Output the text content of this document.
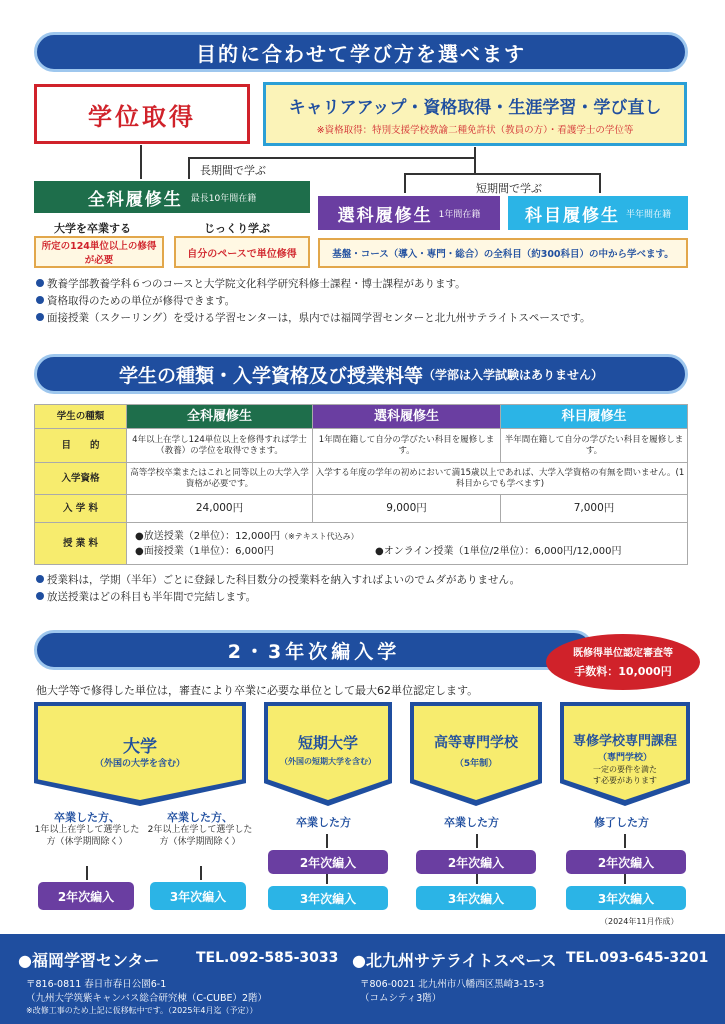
目的に合わせて学び方を選べます
学位取得	キャリアアップ・資格取得・生涯学習・学び直し
※資格取得：特別支援学校教諭二種免許状（教員の方）・看護学士の学位等
長期間で学ぶ
短期間で学ぶ
全科履修生 最長10年間在籍
選科履修生 1年間在籍	科目履修生 半年間在籍
大学を卒業する	じっくり学ぶ
所定の124単位以上の修得が必要
自分のペースで単位修得	基盤・コース（導入・専門・総合）の全科目（約300科目）の中から学べます。
教養学部教養学科６つのコースと大学院文化科学研究科修士課程・博士課程があります。
資格取得のための単位が修得できます。
面接授業（スクーリング）を受ける学習センターは，県内では福岡学習センターと北九州サテライトスペースです。
学生の種類・入学資格及び授業料等 （学部は入学試験はありません）
学生の種類	全科履修生	選科履修生	科目履修生
目　　的	4年以上在学し124単位以上を修得すれば学士（教養）の学位を取得できます。	1年間在籍して自分の学びたい科目を履修します。	半年間在籍して自分の学びたい科目を履修します。
入学資格	高等学校卒業またはこれと同等以上の大学入学資格が必要です。	入学する年度の学年の初めにおいて満15歳以上であれば、大学入学資格の有無を問いません。(1科目からでも学べます)	
入 学 料	24,000円	9,000円	7,000円
授 業 料	●放送授業（2単位）：12,000円（※テキスト代込み）
●面接授業（1単位）：6,000円 ●オンライン授業（1単位/2単位）：6,000円/12,000円		
授業料は，学期（半年）ごとに登録した科目数分の授業料を納入すればよいのでムダがありません。
放送授業はどの科目も半年間で完結します。
2・3年次編入学	既修得単位認定審査等
手数料：10,000円
他大学等で修得した単位は，審査により卒業に必要な単位として最大62単位認定します。
大学
（外国の大学を含む）
短期大学
（外国の短期大学を含む）
高等専門学校
（5年制）
専修学校専門課程
（専門学校）
一定の要件を満たす必要があります
卒業した方、
1年以上在学して選学した方（休学期間除く）
卒業した方、
2年以上在学して選学した方（休学期間除く）
2年次編入	3年次編入
卒業した方
2年次編入
3年次編入
卒業した方
2年次編入
3年次編入
修了した方
2年次編入
3年次編入
（2024年11月作成）
●福岡学習センター	TEL.092-585-3033
〒816-0811 春日市春日公園6-1
（九州大学筑紫キャンパス総合研究棟（C-CUBE）2階）
※改修工事のため上記に仮移転中です。（2025年4月迄（予定））
●北九州サテライトスペース TEL.093-645-3201
〒806-0021 北九州市八幡西区黒崎3-15-3
（コムシティ3階）
